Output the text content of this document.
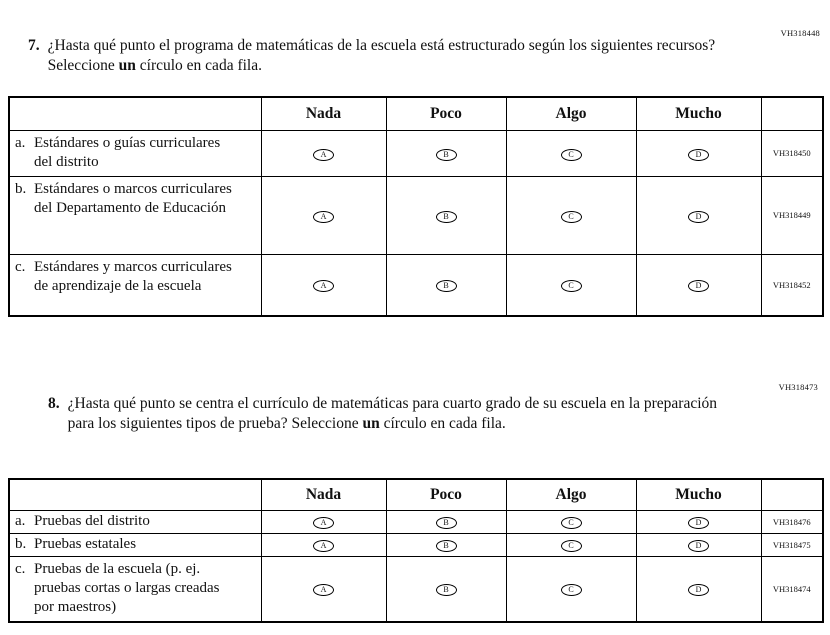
VH318448
7. ¿Hasta qué punto el programa de matemáticas de la escuela está estructurado según los siguientes recursos? Seleccione un círculo en cada fila.
	Nada	Poco	Algo	Mucho	

a. Estándares o guías curriculares del distrito	A	B	C	D	VH318450

b. Estándares o marcos curriculares del Departamento de Educación	A	B	C	D	VH318449

c. Estándares y marcos curriculares de aprendizaje de la escuela	A	B	C	D	VH318452
VH318473
8. ¿Hasta qué punto se centra el currículo de matemáticas para cuarto grado de su escuela en la preparación para los siguientes tipos de prueba? Seleccione un círculo en cada fila.
	Nada	Poco	Algo	Mucho	

a. Pruebas del distrito	A	B	C	D	VH318476

b. Pruebas estatales	A	B	C	D	VH318475

c. Pruebas de la escuela (p. ej. pruebas cortas o largas creadas por maestros)	A	B	C	D	VH318474
